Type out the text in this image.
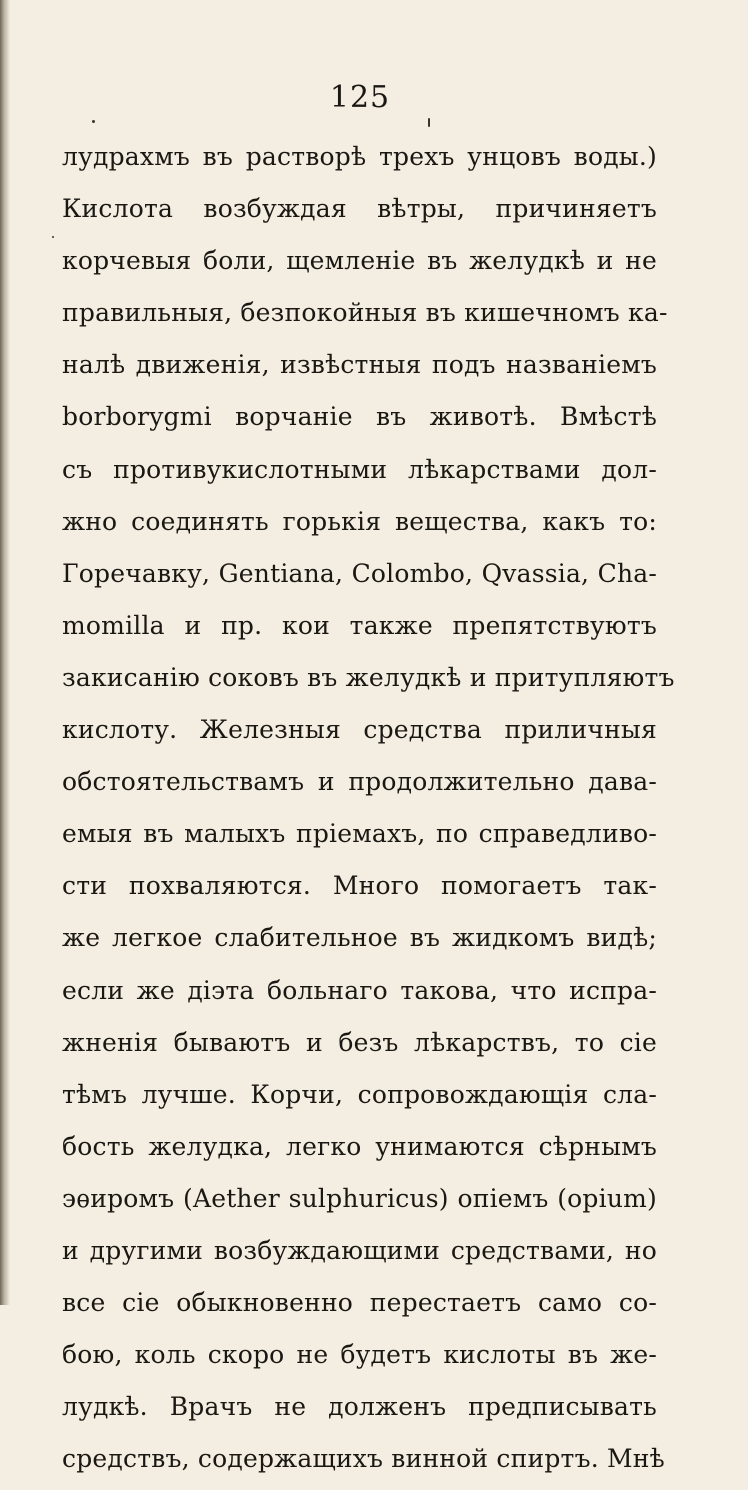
125
лудрахмъ въ растворѣ трехъ унцовъ воды.)
Кислота возбуждая вѣтры, причиняетъ
корчевыя боли, щемленіе въ желудкѣ и не
правильныя, безпокойныя въ кишечномъ ка-
налѣ движенія, извѣстныя подъ названіемъ
borborygmi ворчаніе въ животѣ. Вмѣстѣ
съ противукислотными лѣкарствами дол-
жно соединять горькія вещества, какъ то:
Горечавку, Gentiana, Colombo, Qvassia, Cha-
momilla и пр. кои также препятствуютъ
закисанію соковъ въ желудкѣ и притупляютъ
кислоту. Железныя средства приличныя
обстоятельствамъ и продолжительно дава-
емыя въ малыхъ пріемахъ, по справедливо-
сти похваляются. Много помогаетъ так-
же легкое слабительное въ жидкомъ видѣ;
если же діэта больнаго такова, что испра-
жненія бываютъ и безъ лѣкарствъ, то сіе
тѣмъ лучше. Корчи, сопровождающія сла-
бость желудка, легко унимаются сѣрнымъ
эѳиромъ (Aether sulphuricus) опіемъ (opium)
и другими возбуждающими средствами, но
все сіе обыкновенно перестаетъ само со-
бою, коль скоро не будетъ кислоты въ же-
лудкѣ. Врачъ не долженъ предписывать
средствъ, содержащихъ винной спиртъ. Мнѣ
